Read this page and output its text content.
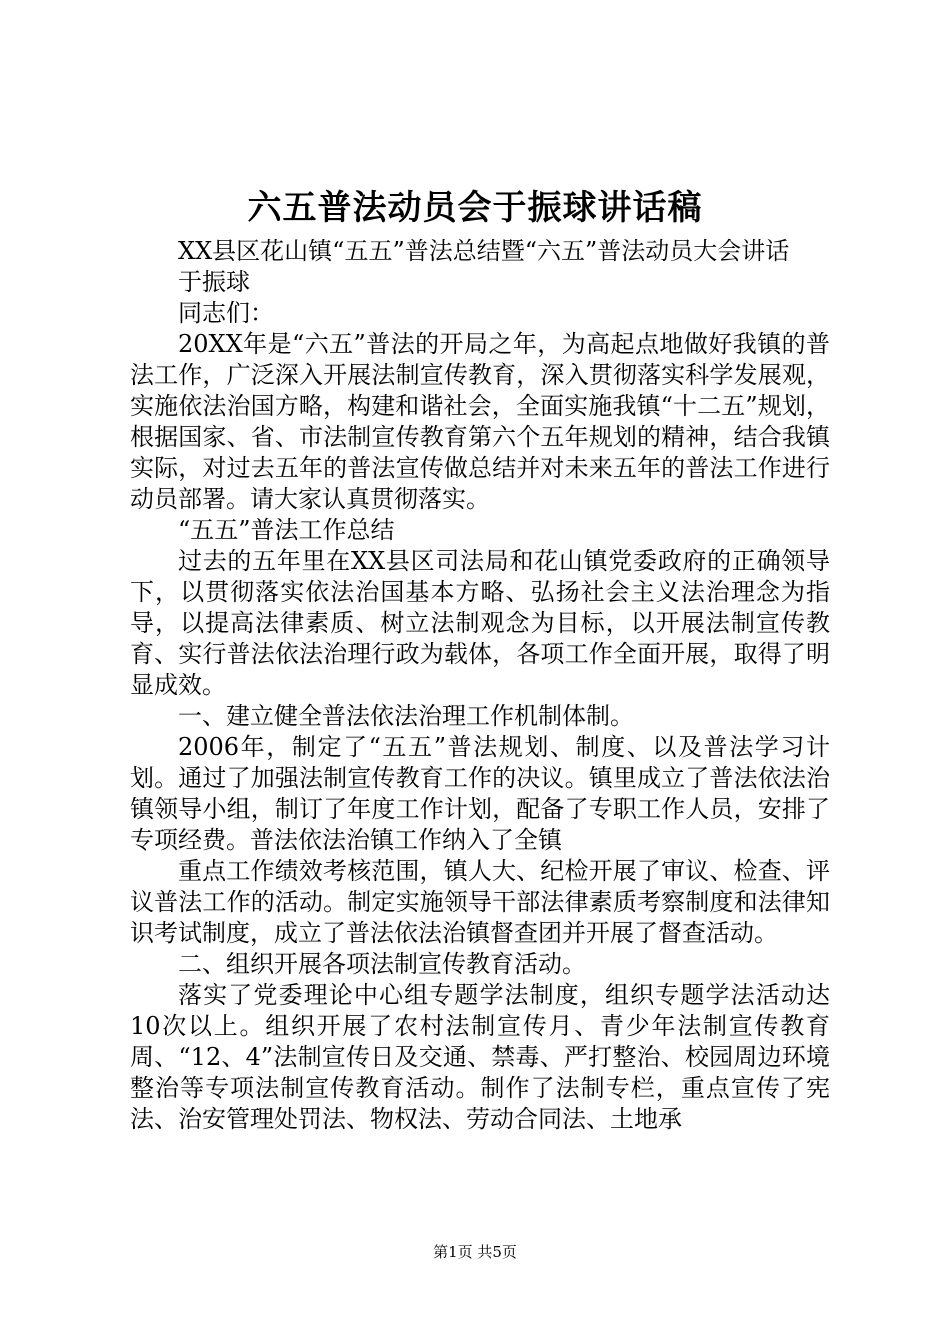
六五普法动员会于振球讲话稿

XX县区花山镇“五五”普法总结暨“六五”普法动员大会讲话

于振球

同志们：

20XX年是“六五”普法的开局之年，为高起点地做好我镇的普法工作，广泛深入开展法制宣传教育，深入贯彻落实科学发展观，实施依法治国方略，构建和谐社会，全面实施我镇“十二五”规划，根据国家、省、市法制宣传教育第六个五年规划的精神，结合我镇实际，对过去五年的普法宣传做总结并对未来五年的普法工作进行动员部署。请大家认真贯彻落实。

“五五”普法工作总结

过去的五年里在XX县区司法局和花山镇党委政府的正确领导下，以贯彻落实依法治国基本方略、弘扬社会主义法治理念为指导，以提高法律素质、树立法制观念为目标，以开展法制宣传教育、实行普法依法治理行政为载体，各项工作全面开展，取得了明显成效。

一、建立健全普法依法治理工作机制体制。

2006年，制定了“五五”普法规划、制度、以及普法学习计划。通过了加强法制宣传教育工作的决议。镇里成立了普法依法治镇领导小组，制订了年度工作计划，配备了专职工作人员，安排了专项经费。普法依法治镇工作纳入了全镇

重点工作绩效考核范围，镇人大、纪检开展了审议、检查、评议普法工作的活动。制定实施领导干部法律素质考察制度和法律知识考试制度，成立了普法依法治镇督查团并开展了督查活动。

二、组织开展各项法制宣传教育活动。

落实了党委理论中心组专题学法制度，组织专题学法活动达10次以上。组织开展了农村法制宣传月、青少年法制宣传教育周、“12、4”法制宣传日及交通、禁毒、严打整治、校园周边环境整治等专项法制宣传教育活动。制作了法制专栏，重点宣传了宪法、治安管理处罚法、物权法、劳动合同法、土地承

第1页 共5页
